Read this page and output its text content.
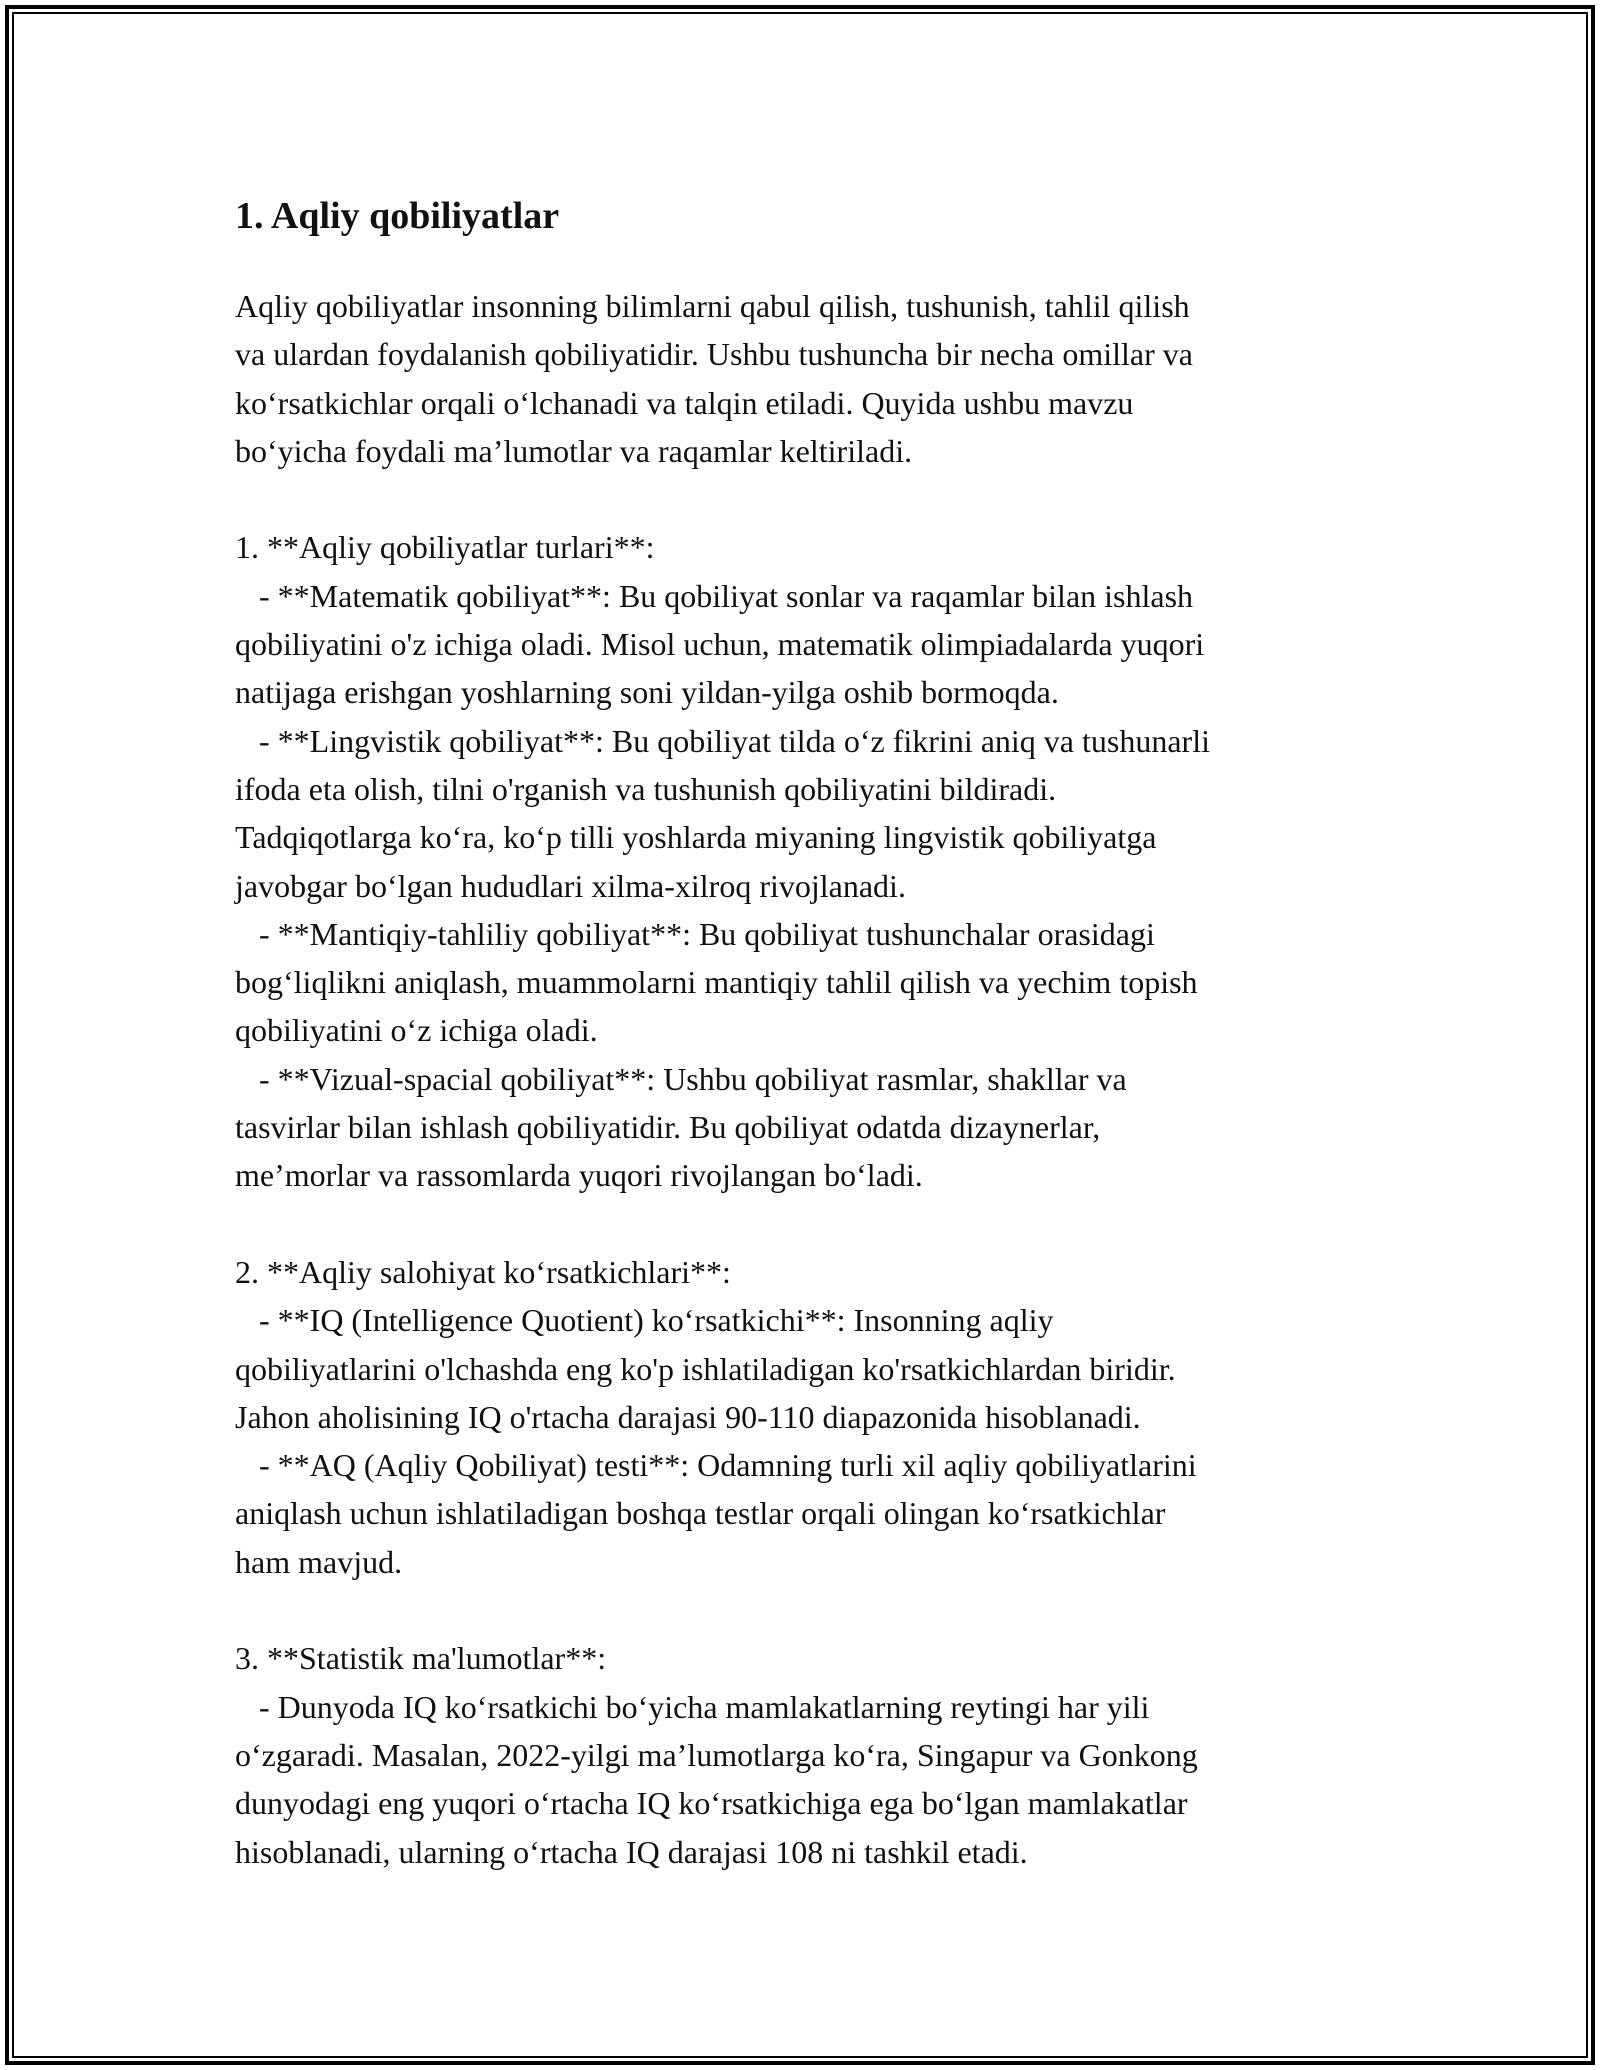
1. Aqliy qobiliyatlar
Aqliy qobiliyatlar insonning bilimlarni qabul qilish, tushunish, tahlil qilish
va ulardan foydalanish qobiliyatidir. Ushbu tushuncha bir necha omillar va
ko‘rsatkichlar orqali o‘lchanadi va talqin etiladi. Quyida ushbu mavzu
bo‘yicha foydali ma’lumotlar va raqamlar keltiriladi.

1. **Aqliy qobiliyatlar turlari**:
- **Matematik qobiliyat**: Bu qobiliyat sonlar va raqamlar bilan ishlash
qobiliyatini o'z ichiga oladi. Misol uchun, matematik olimpiadalarda yuqori
natijaga erishgan yoshlarning soni yildan-yilga oshib bormoqda.
- **Lingvistik qobiliyat**: Bu qobiliyat tilda o‘z fikrini aniq va tushunarli
ifoda eta olish, tilni o'rganish va tushunish qobiliyatini bildiradi.
Tadqiqotlarga ko‘ra, ko‘p tilli yoshlarda miyaning lingvistik qobiliyatga
javobgar bo‘lgan hududlari xilma-xilroq rivojlanadi.
- **Mantiqiy-tahliliy qobiliyat**: Bu qobiliyat tushunchalar orasidagi
bog‘liqlikni aniqlash, muammolarni mantiqiy tahlil qilish va yechim topish
qobiliyatini o‘z ichiga oladi.
- **Vizual-spacial qobiliyat**: Ushbu qobiliyat rasmlar, shakllar va
tasvirlar bilan ishlash qobiliyatidir. Bu qobiliyat odatda dizaynerlar,
me’morlar va rassomlarda yuqori rivojlangan bo‘ladi.

2. **Aqliy salohiyat ko‘rsatkichlari**:
- **IQ (Intelligence Quotient) ko‘rsatkichi**: Insonning aqliy
qobiliyatlarini o'lchashda eng ko'p ishlatiladigan ko'rsatkichlardan biridir.
Jahon aholisining IQ o'rtacha darajasi 90-110 diapazonida hisoblanadi.
- **AQ (Aqliy Qobiliyat) testi**: Odamning turli xil aqliy qobiliyatlarini
aniqlash uchun ishlatiladigan boshqa testlar orqali olingan ko‘rsatkichlar
ham mavjud.

3. **Statistik ma'lumotlar**:
- Dunyoda IQ ko‘rsatkichi bo‘yicha mamlakatlarning reytingi har yili
o‘zgaradi. Masalan, 2022-yilgi ma’lumotlarga ko‘ra, Singapur va Gonkong
dunyodagi eng yuqori o‘rtacha IQ ko‘rsatkichiga ega bo‘lgan mamlakatlar
hisoblanadi, ularning o‘rtacha IQ darajasi 108 ni tashkil etadi.
